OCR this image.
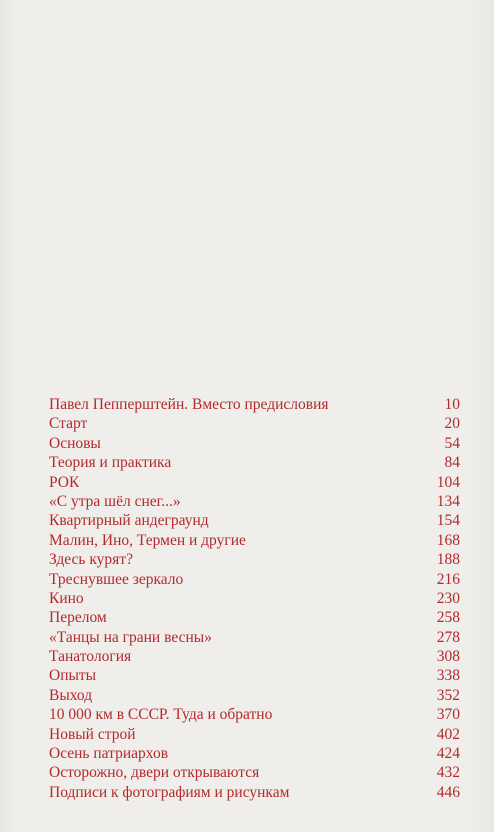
Павел Пепперштейн. Вместо предисловия	10
Старт	20
Основы	54
Теория и практика	84
РОК	104
«С утра шёл снег...»	134
Квартирный андеграунд	154
Малин, Ино, Термен и другие	168
Здесь курят?	188
Треснувшее зеркало	216
Кино	230
Перелом	258
«Танцы на грани весны»	278
Танатология	308
Опыты	338
Выход	352
10 000 км в СССР. Туда и обратно	370
Новый строй	402
Осень патриархов	424
Осторожно, двери открываются	432
Подписи к фотографиям и рисункам	446
